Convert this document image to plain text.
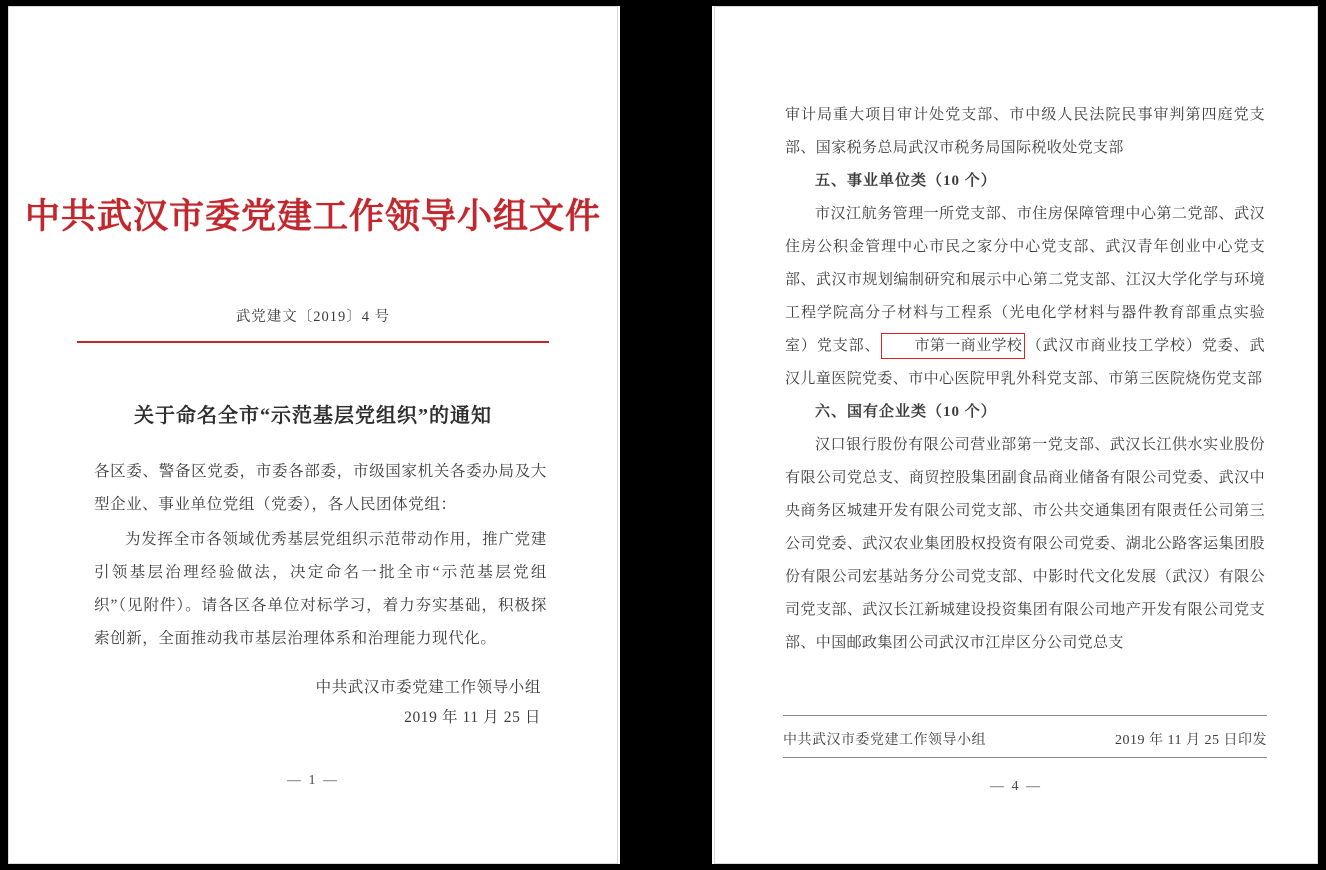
中共武汉市委党建工作领导小组文件
武党建文〔2019〕4 号
关于命名全市“示范基层党组织”的通知

各区委、警备区党委，市委各部委，市级国家机关各委办局及大型企业、事业单位党组（党委），各人民团体党组：

为发挥全市各领域优秀基层党组织示范带动作用，推广党建引领基层治理经验做法，决定命名一批全市“示范基层党组织”（见附件）。请各区各单位对标学习，着力夯实基础，积极探索创新，全面推动我市基层治理体系和治理能力现代化。

中共武汉市委党建工作领导小组
2019 年 11 月 25 日
— 1 —

审计局重大项目审计处党支部、市中级人民法院民事审判第四庭党支部、国家税务总局武汉市税务局国际税收处党支部

五、事业单位类（10 个）

市汉江航务管理一所党支部、市住房保障管理中心第二党部、武汉住房公积金管理中心市民之家分中心党支部、武汉青年创业中心党支部、武汉市规划编制研究和展示中心第二党支部、江汉大学化学与环境工程学院高分子材料与工程系（光电化学材料与器件教育部重点实验室）党支部、 市第一商业学校 （武汉市商业技工学校）党委、武汉儿童医院党委、市中心医院甲乳外科党支部、市第三医院烧伤党支部

六、国有企业类（10 个）

汉口银行股份有限公司营业部第一党支部、武汉长江供水实业股份有限公司党总支、商贸控股集团副食品商业储备有限公司党委、武汉中央商务区城建开发有限公司党支部、市公共交通集团有限责任公司第三公司党委、武汉农业集团股权投资有限公司党委、湖北公路客运集团股份有限公司宏基站务分公司党支部、中影时代文化发展（武汉）有限公司党支部、武汉长江新城建设投资集团有限公司地产开发有限公司党支部、中国邮政集团公司武汉市江岸区分公司党总支

中共武汉市委党建工作领导小组	2019 年 11 月 25 日印发
— 4 —
